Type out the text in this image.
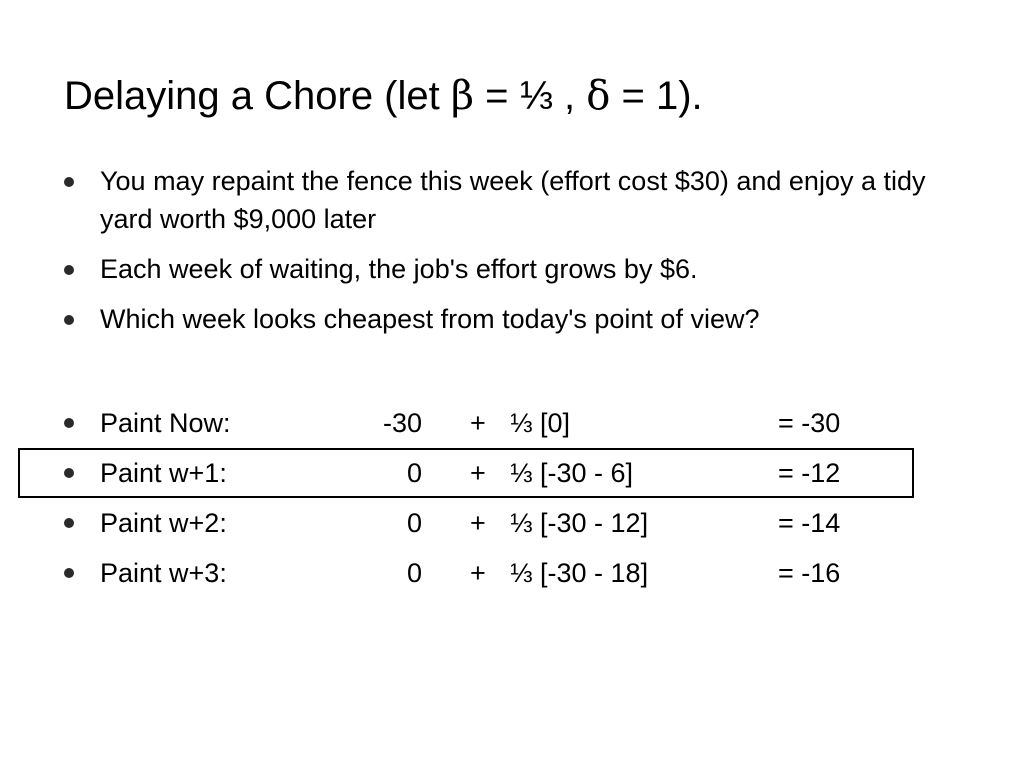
Delaying a Chore (let β = ⅓ , δ = 1).
You may repaint the fence this week (effort cost $30) and enjoy a tidy yard worth $9,000 later
Each week of waiting, the job's effort grows by $6.
Which week looks cheapest from today's point of view?
Paint Now:	-30 + ⅓ [0]	= -30
Paint w+1:	0 + ⅓ [-30 - 6]	= -12
Paint w+2:	0 + ⅓ [-30 - 12]	= -14
Paint w+3:	0 + ⅓ [-30 - 18]	= -16
